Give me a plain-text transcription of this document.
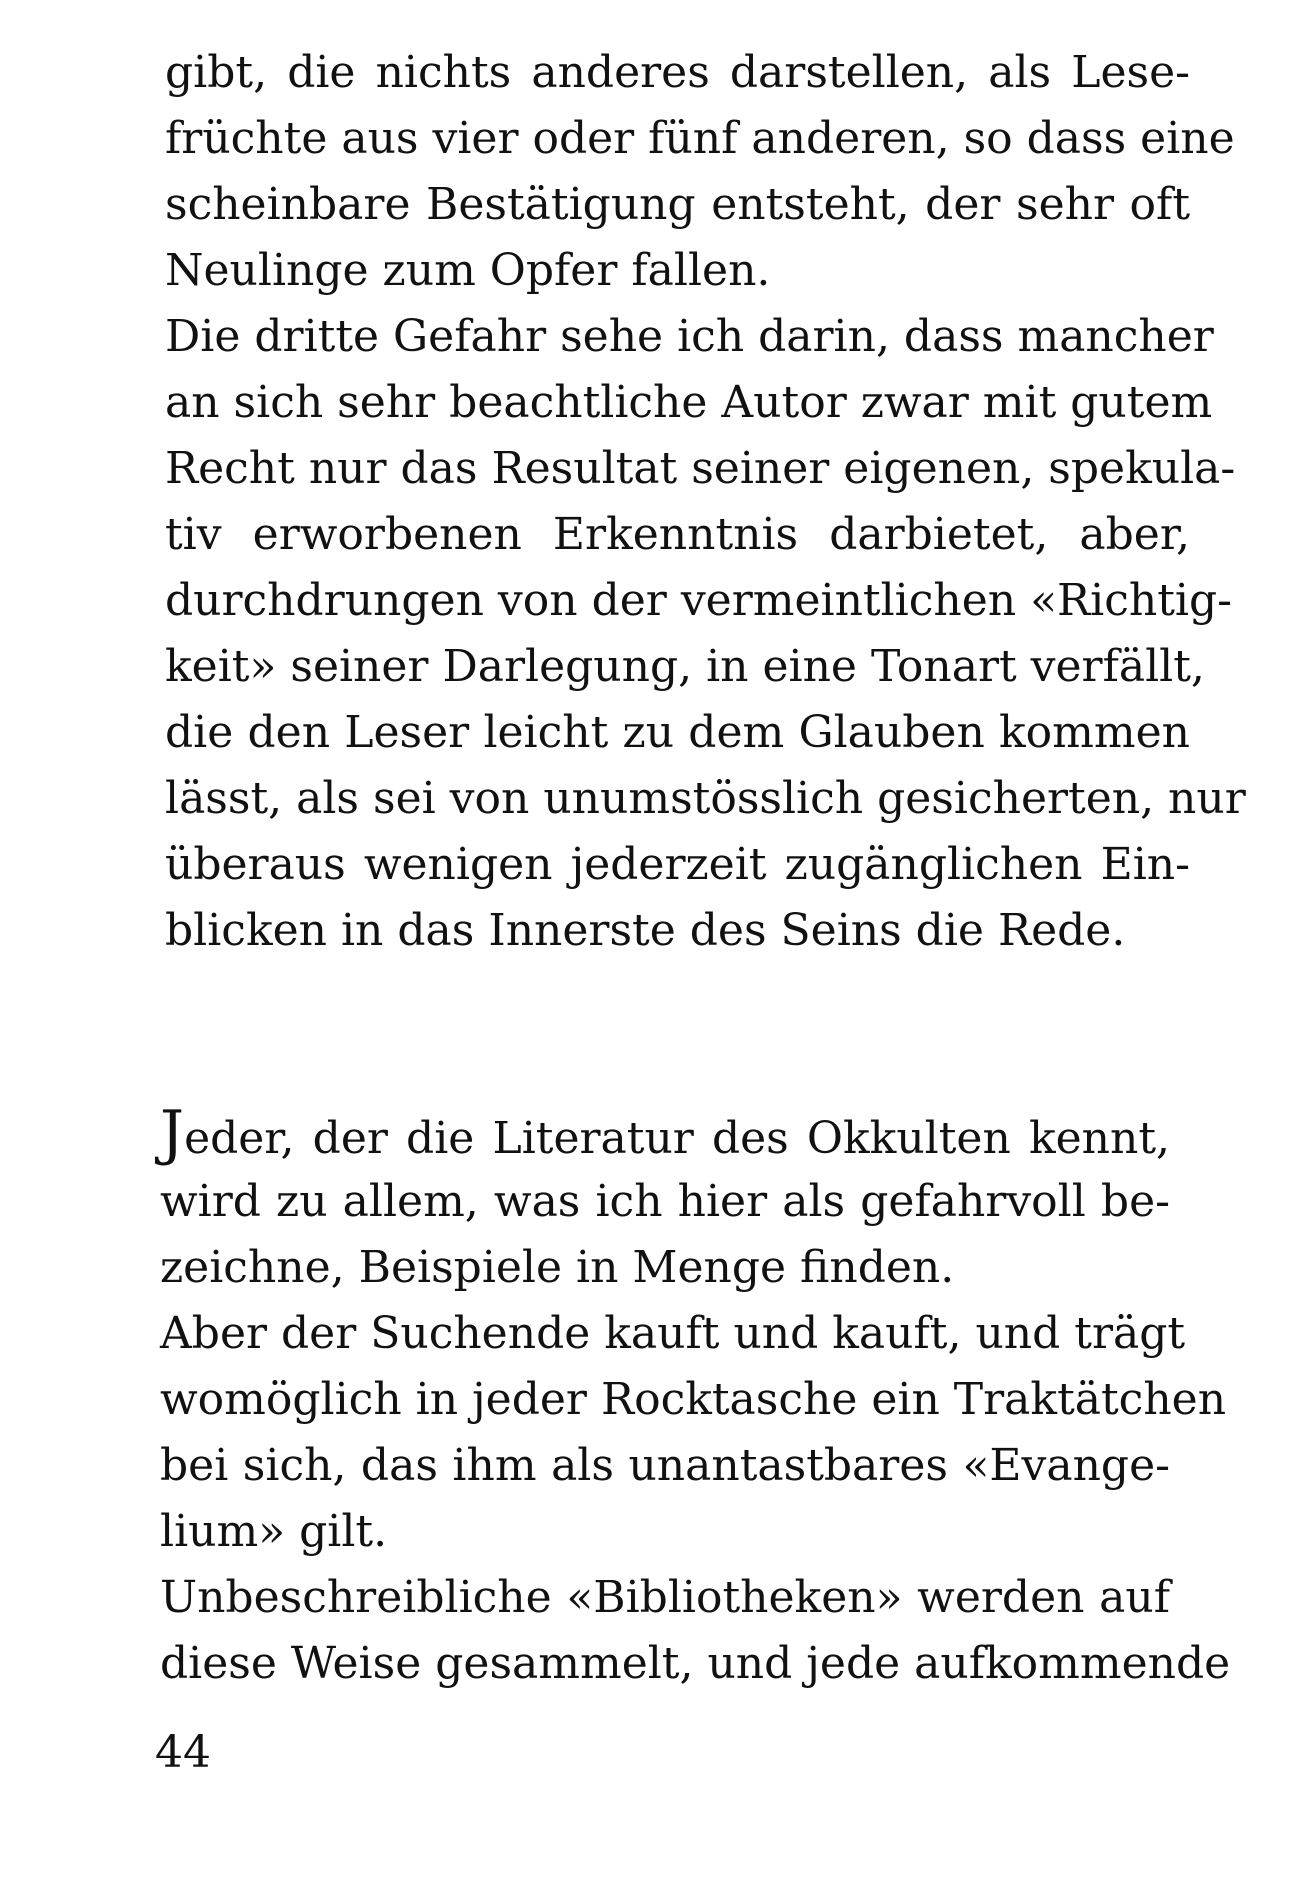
gibt, die nichts anderes darstellen, als Lese-
früchte aus vier oder fünf anderen, so dass eine
scheinbare Bestätigung entsteht, der sehr oft
Neulinge zum Opfer fallen.
Die dritte Gefahr sehe ich darin, dass mancher
an sich sehr beachtliche Autor zwar mit gutem
Recht nur das Resultat seiner eigenen, spekula-
tiv erworbenen Erkenntnis darbietet, aber,
durchdrungen von der vermeintlichen «Richtig-
keit» seiner Darlegung, in eine Tonart verfällt,
die den Leser leicht zu dem Glauben kommen
lässt, als sei von unumstösslich gesicherten, nur
überaus wenigen jederzeit zugänglichen Ein-
blicken in das Innerste des Seins die Rede.
Jeder, der die Literatur des Okkulten kennt,
wird zu allem, was ich hier als gefahrvoll be-
zeichne, Beispiele in Menge finden.
Aber der Suchende kauft und kauft, und trägt
womöglich in jeder Rocktasche ein Traktätchen
bei sich, das ihm als unantastbares «Evange-
lium» gilt.
Unbeschreibliche «Bibliotheken» werden auf
diese Weise gesammelt, und jede aufkommende
44
